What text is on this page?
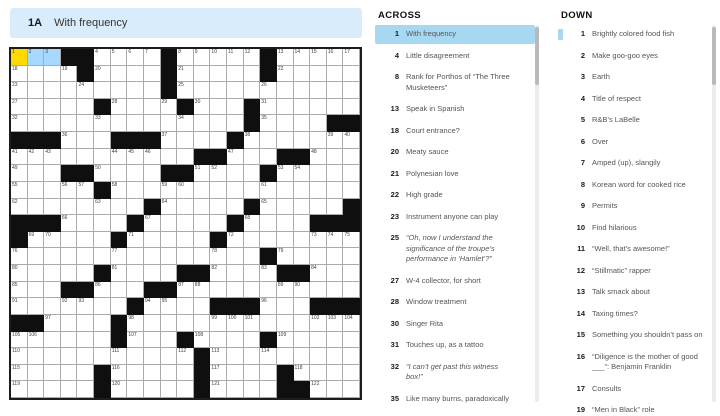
1A With frequency
1	2	3	4	5	6	7	8	9	10 11 12	13 14 15 16 17
18	19	20	21	22
23	24	25	26
27	28	29	30	31
32	33	34	35
36	37	38	39 40
41 42 43	44 45 46	47	48
49	50	51 52	53 54
55	56 57	58	59 60	61
62	63	64	65
66	67	68
69 70	71	72	73 74 75
76	77	78	79
80	81	82	83	84
85	86	87 88	89 90
91	92 93	94 95	96
97	98	99 100 101	102 103 104
105 106	107	108	109
110	111	112	113	114
115	116	117	118
119	120	121	122
ACROSS
1 With frequency
4 Little disagreement
8 Rank for Porthos of “The Three Musketeers”
13 Speak in Spanish
18 Court entrance?
20 Meaty sauce
21 Polynesian love
22 High grade
23 Instrument anyone can play
25 “Oh, now I understand the significance of the troupe’s performance in ‘Hamlet’?”
27 W-4 collector, for short
28 Window treatment
30 Singer Rita
31 Touches up, as a tattoo
32 “I can’t get past this witness box!”
35 Like many burns, paradoxically
DOWN
1 Brightly colored food fish
2 Make goo-goo eyes
3 Earth
4 Title of respect
5 R&B’s LaBelle
6 Over
7 Amped (up), slangily
8 Korean word for cooked rice
9 Permits
10 Find hilarious
11 “Well, that’s awesome!”
12 “Stillmatic” rapper
13 Talk smack about
14 Taxing times?
15 Something you shouldn’t pass on
16 “Diligence is the mother of good ___”: Benjamin Franklin
17 Consults
19 “Men in Black” role
